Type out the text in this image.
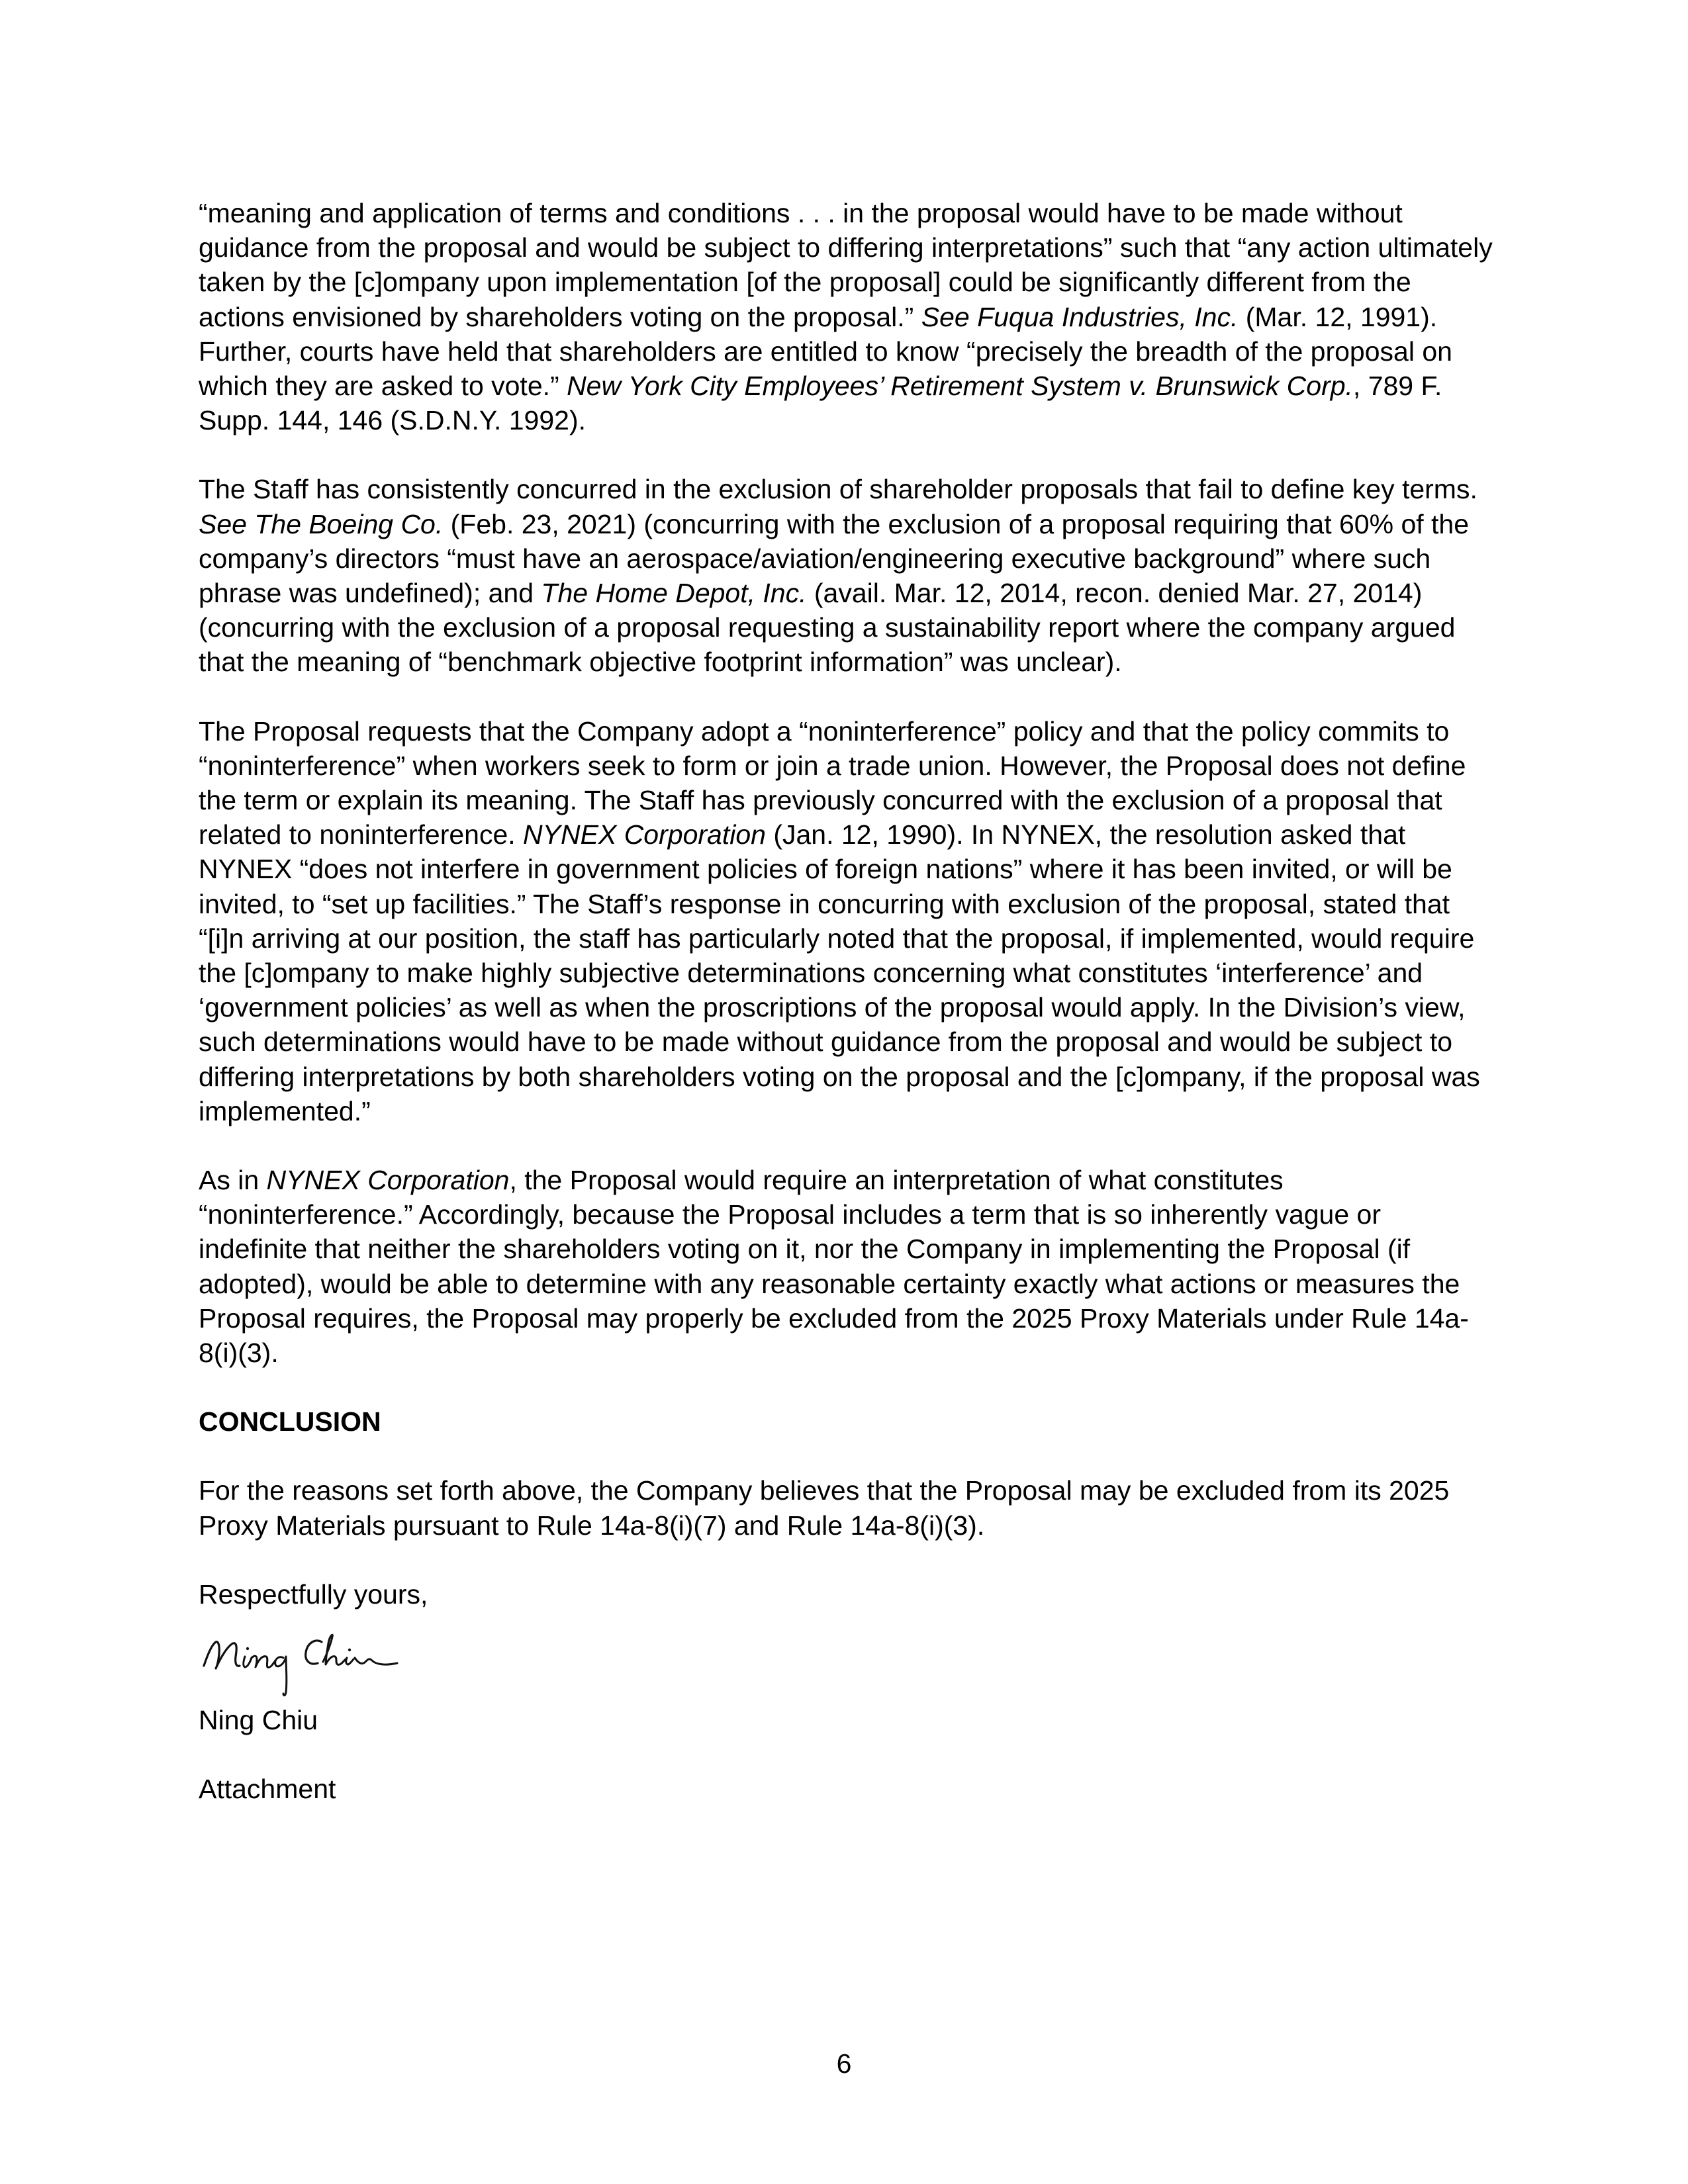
“meaning and application of terms and conditions . . . in the proposal would have to be made without guidance from the proposal and would be subject to differing interpretations” such that “any action ultimately taken by the [c]ompany upon implementation [of the proposal] could be significantly different from the actions envisioned by shareholders voting on the proposal.” See Fuqua Industries, Inc. (Mar. 12, 1991). Further, courts have held that shareholders are entitled to know “precisely the breadth of the proposal on which they are asked to vote.” New York City Employees’ Retirement System v. Brunswick Corp., 789 F. Supp. 144, 146 (S.D.N.Y. 1992).

The Staff has consistently concurred in the exclusion of shareholder proposals that fail to define key terms. See The Boeing Co. (Feb. 23, 2021) (concurring with the exclusion of a proposal requiring that 60% of the company’s directors “must have an aerospace/aviation/engineering executive background” where such phrase was undefined); and The Home Depot, Inc. (avail. Mar. 12, 2014, recon. denied Mar. 27, 2014) (concurring with the exclusion of a proposal requesting a sustainability report where the company argued that the meaning of “benchmark objective footprint information” was unclear).

The Proposal requests that the Company adopt a “noninterference” policy and that the policy commits to “noninterference” when workers seek to form or join a trade union. However, the Proposal does not define the term or explain its meaning. The Staff has previously concurred with the exclusion of a proposal that related to noninterference. NYNEX Corporation (Jan. 12, 1990). In NYNEX, the resolution asked that NYNEX “does not interfere in government policies of foreign nations” where it has been invited, or will be invited, to “set up facilities.” The Staff’s response in concurring with exclusion of the proposal, stated that “[i]n arriving at our position, the staff has particularly noted that the proposal, if implemented, would require the [c]ompany to make highly subjective determinations concerning what constitutes ‘interference’ and ‘government policies’ as well as when the proscriptions of the proposal would apply. In the Division’s view, such determinations would have to be made without guidance from the proposal and would be subject to differing interpretations by both shareholders voting on the proposal and the [c]ompany, if the proposal was implemented.”

As in NYNEX Corporation, the Proposal would require an interpretation of what constitutes “noninterference.” Accordingly, because the Proposal includes a term that is so inherently vague or indefinite that neither the shareholders voting on it, nor the Company in implementing the Proposal (if adopted), would be able to determine with any reasonable certainty exactly what actions or measures the Proposal requires, the Proposal may properly be excluded from the 2025 Proxy Materials under Rule 14a-8(i)(3).

CONCLUSION

For the reasons set forth above, the Company believes that the Proposal may be excluded from its 2025 Proxy Materials pursuant to Rule 14a-8(i)(7) and Rule 14a-8(i)(3).

Respectfully yours,

Ning Chiu

Attachment

6
